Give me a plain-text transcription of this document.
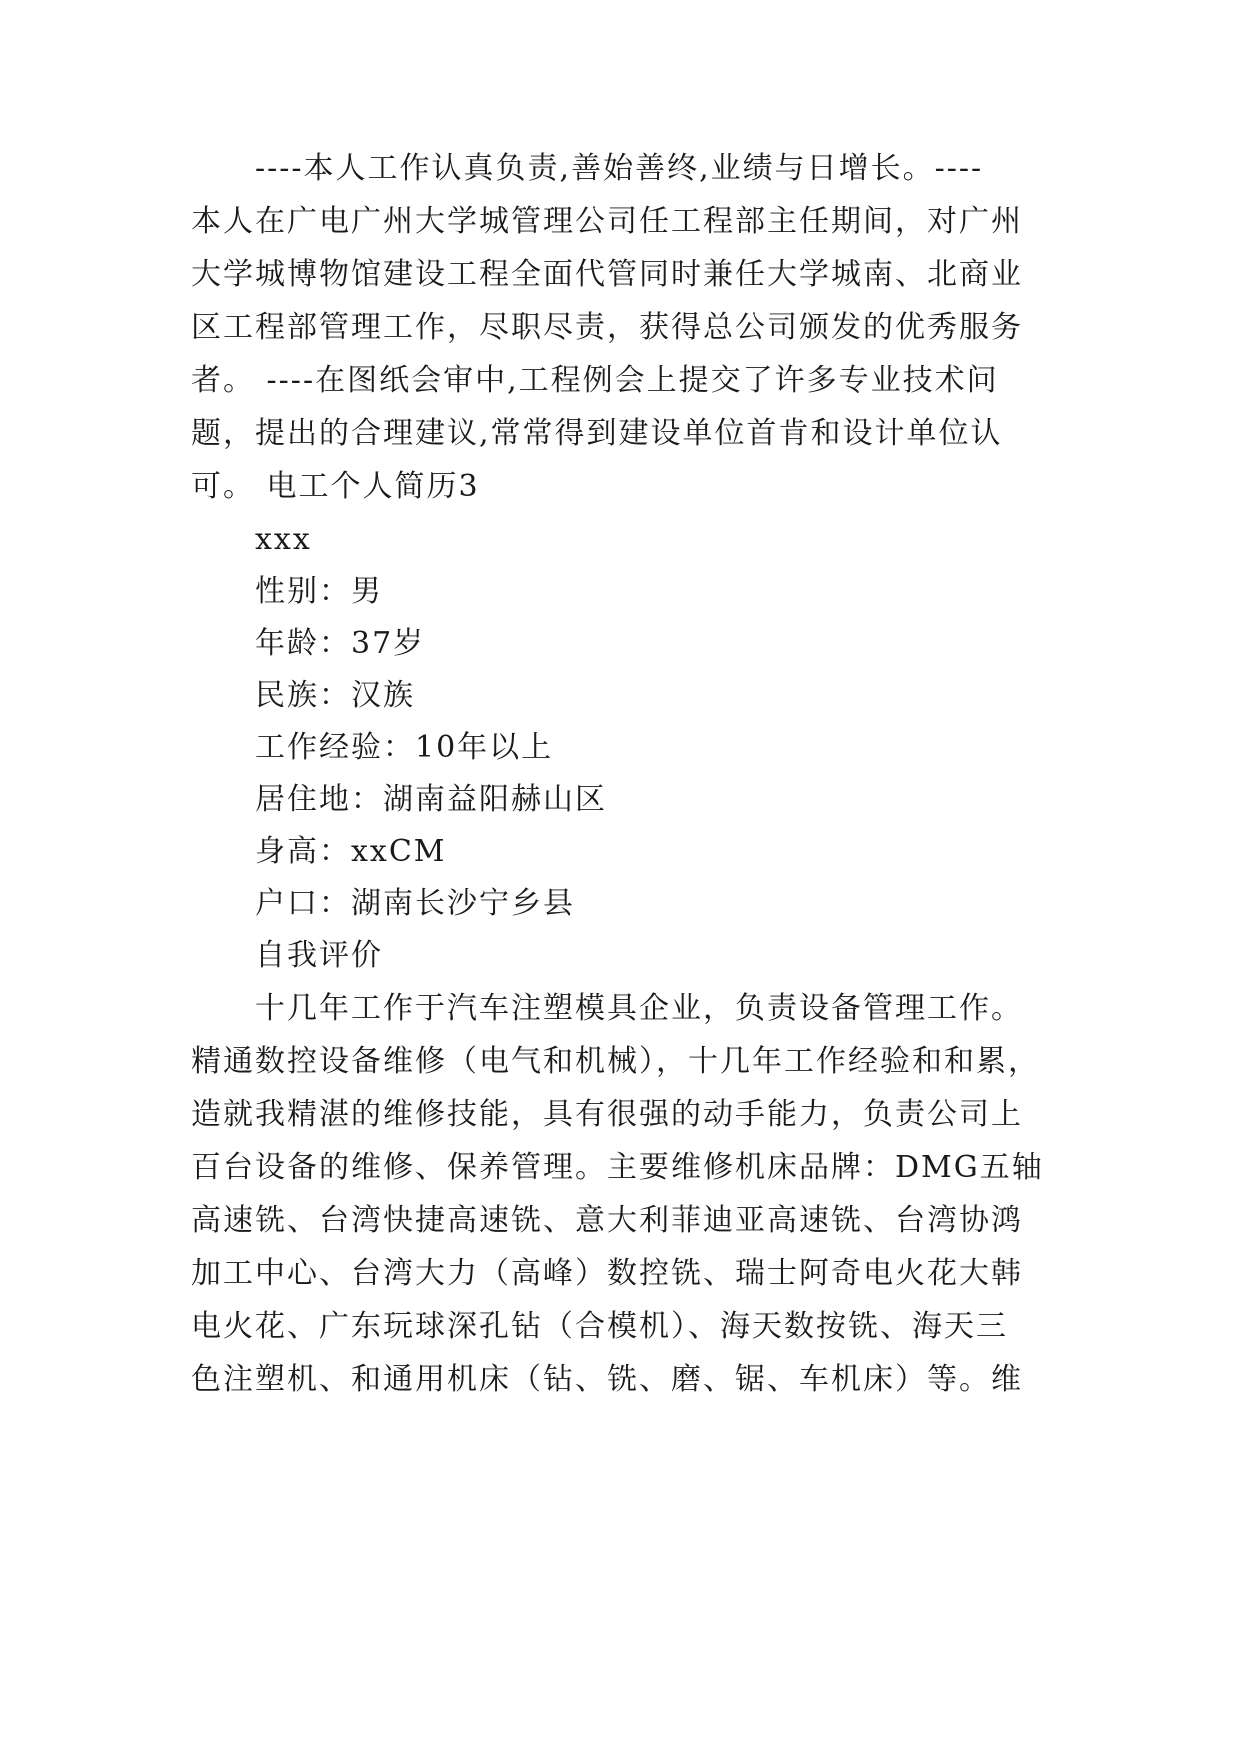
----本人工作认真负责,善始善终,业绩与日增长。----
本人在广电广州大学城管理公司任工程部主任期间，对广州
大学城博物馆建设工程全面代管同时兼任大学城南、北商业
区工程部管理工作，尽职尽责，获得总公司颁发的优秀服务
者。 ----在图纸会审中,工程例会上提交了许多专业技术问
题，提出的合理建议,常常得到建设单位首肯和设计单位认
可。 电工个人简历3
xxx
性别：男
年龄：37岁
民族：汉族
工作经验：10年以上
居住地：湖南益阳赫山区
身高：xxCM
户口：湖南长沙宁乡县
自我评价
十几年工作于汽车注塑模具企业，负责设备管理工作。
精通数控设备维修（电气和机械），十几年工作经验和和累，
造就我精湛的维修技能，具有很强的动手能力，负责公司上
百台设备的维修、保养管理。主要维修机床品牌：DMG五轴
高速铣、台湾快捷高速铣、意大利菲迪亚高速铣、台湾协鸿
加工中心、台湾大力（高峰）数控铣、瑞士阿奇电火花大韩
电火花、广东玩球深孔钻（合模机）、海天数按铣、海天三
色注塑机、和通用机床（钻、铣、磨、锯、车机床）等。维
